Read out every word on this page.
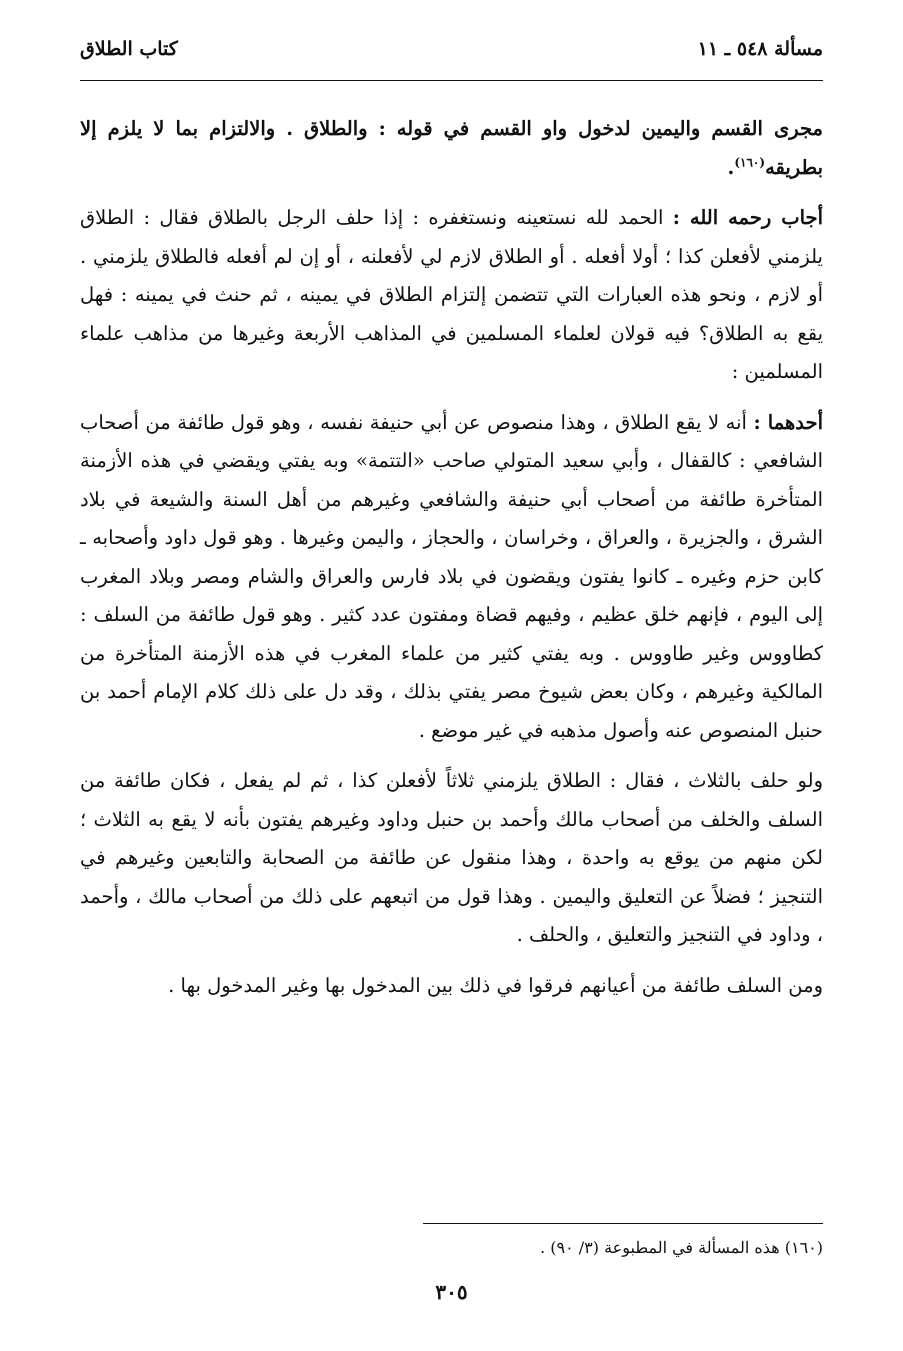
مسألة ٥٤٨ ـ ١١
كتاب الطلاق

مجرى القسم واليمين لدخول واو القسم في قوله : والطلاق . والالتزام بما لا يلزم إلا بطريقه$^{(١٦٠)}$.

أجاب رحمه الله : الحمد لله نستعينه ونستغفره : إذا حلف الرجل بالطلاق فقال : الطلاق يلزمني لأفعلن كذا ؛ أولا أفعله . أو الطلاق لازم لي لأفعلنه ، أو إن لم أفعله فالطلاق يلزمني . أو لازم ، ونحو هذه العبارات التي تتضمن إلتزام الطلاق في يمينه ، ثم حنث في يمينه : فهل يقع به الطلاق؟ فيه قولان لعلماء المسلمين في المذاهب الأربعة وغيرها من مذاهب علماء المسلمين :

أحدهما : أنه لا يقع الطلاق ، وهذا منصوص عن أبي حنيفة نفسه ، وهو قول طائفة من أصحاب الشافعي : كالقفال ، وأبي سعيد المتولي صاحب «التتمة» وبه يفتي ويقضي في هذه الأزمنة المتأخرة طائفة من أصحاب أبي حنيفة والشافعي وغيرهم من أهل السنة والشيعة في بلاد الشرق ، والجزيرة ، والعراق ، وخراسان ، والحجاز ، واليمن وغيرها . وهو قول داود وأصحابه ـ كابن حزم وغيره ـ كانوا يفتون ويقضون في بلاد فارس والعراق والشام ومصر وبلاد المغرب إلى اليوم ، فإنهم خلق عظيم ، وفيهم قضاة ومفتون عدد كثير . وهو قول طائفة من السلف : كطاووس وغير طاووس . وبه يفتي كثير من علماء المغرب في هذه الأزمنة المتأخرة من المالكية وغيرهم ، وكان بعض شيوخ مصر يفتي بذلك ، وقد دل على ذلك كلام الإمام أحمد بن حنبل المنصوص عنه وأصول مذهبه في غير موضع .

ولو حلف بالثلاث ، فقال : الطلاق يلزمني ثلاثاً لأفعلن كذا ، ثم لم يفعل ، فكان طائفة من السلف والخلف من أصحاب مالك وأحمد بن حنبل وداود وغيرهم يفتون بأنه لا يقع به الثلاث ؛ لكن منهم من يوقع به واحدة ، وهذا منقول عن طائفة من الصحابة والتابعين وغيرهم في التنجيز ؛ فضلاً عن التعليق واليمين . وهذا قول من اتبعهم على ذلك من أصحاب مالك ، وأحمد ، وداود في التنجيز والتعليق ، والحلف .

ومن السلف طائفة من أعيانهم فرقوا في ذلك بين المدخول بها وغير المدخول بها .

(١٦٠) هذه المسألة في المطبوعة (٣/ ٩٠) .
٣٠٥
